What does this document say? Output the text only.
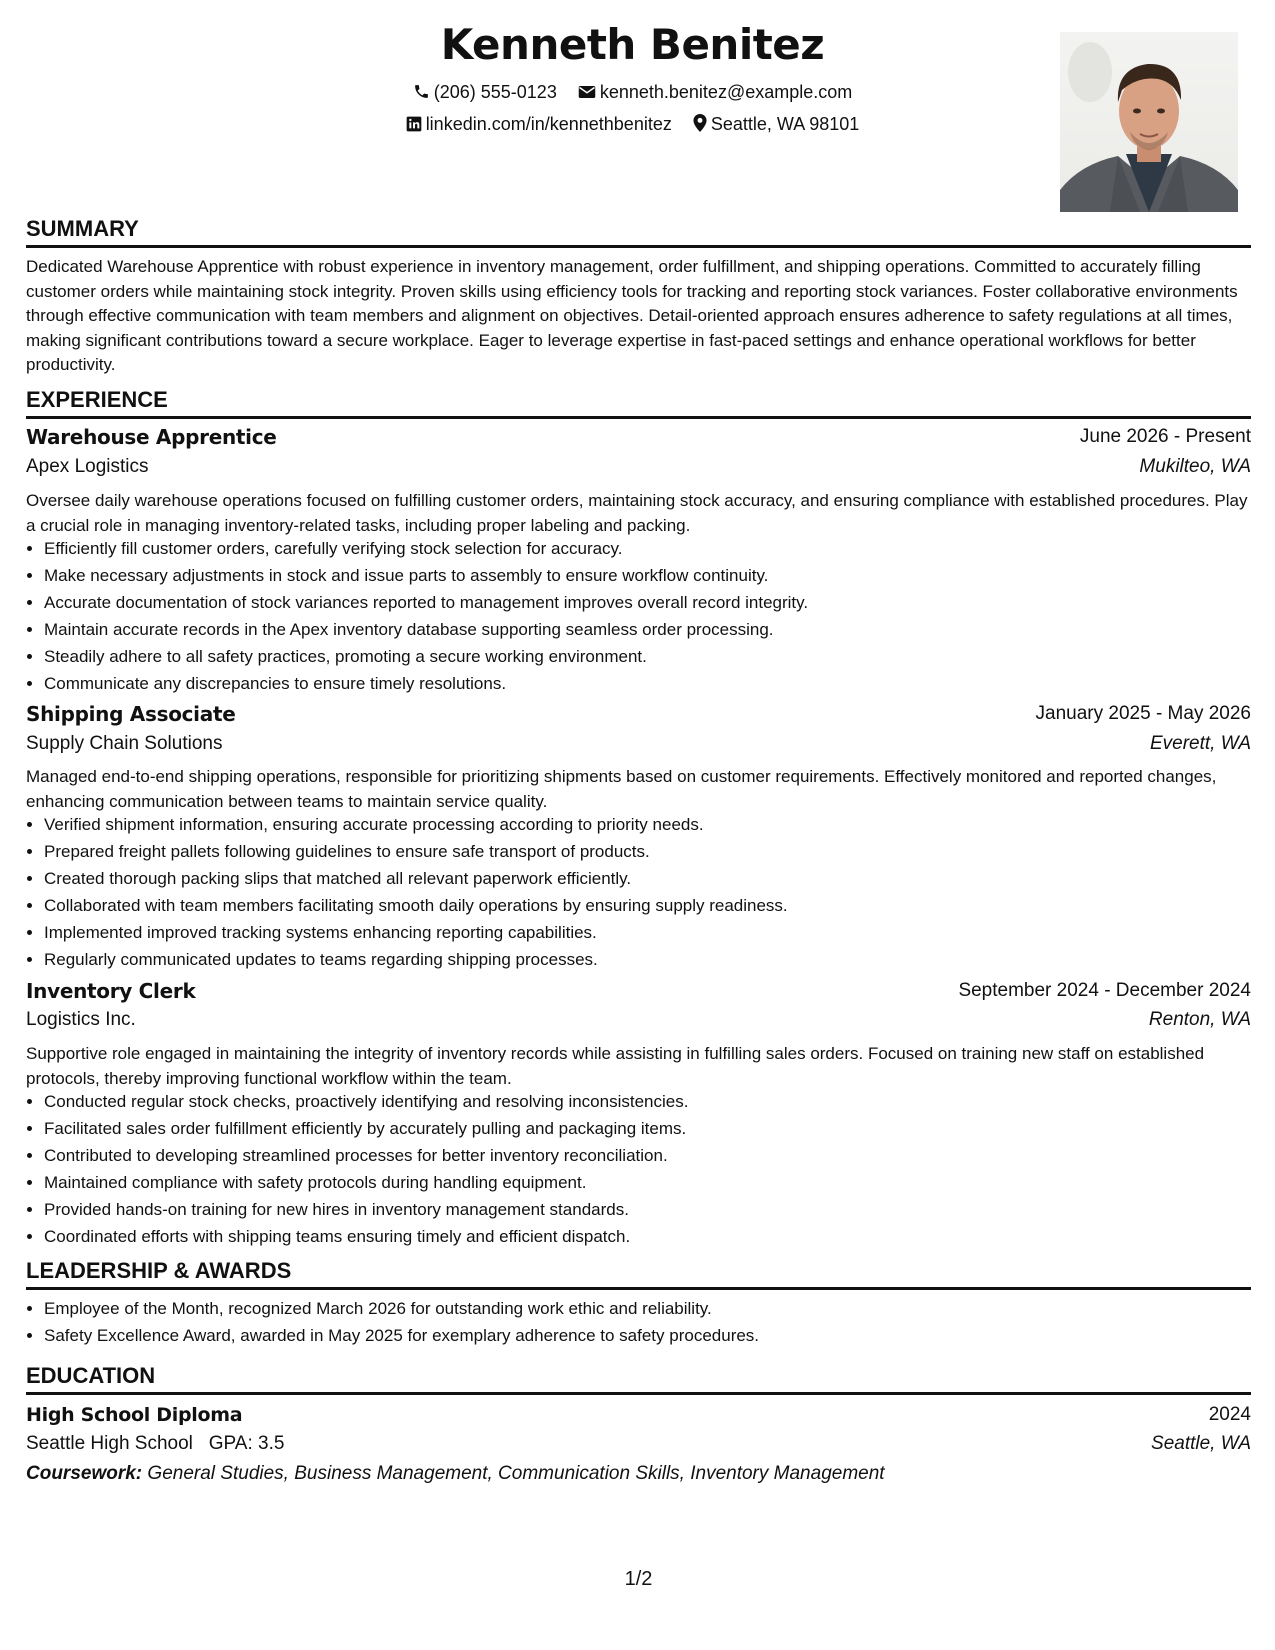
Kenneth Benitez
(206) 555-0123 kenneth.benitez@example.com
linkedin.com/in/kennethbenitez Seattle, WA 98101
SUMMARY
Dedicated Warehouse Apprentice with robust experience in inventory management, order fulfillment, and shipping operations. Committed to accurately filling customer orders while maintaining stock integrity. Proven skills using efficiency tools for tracking and reporting stock variances. Foster collaborative environments through effective communication with team members and alignment on objectives. Detail-oriented approach ensures adherence to safety regulations at all times, making significant contributions toward a secure workplace. Eager to leverage expertise in fast-paced settings and enhance operational workflows for better productivity.
EXPERIENCE
Warehouse Apprentice	June 2026 - Present
Apex Logistics	Mukilteo, WA
Oversee daily warehouse operations focused on fulfilling customer orders, maintaining stock accuracy, and ensuring compliance with established procedures. Play a crucial role in managing inventory-related tasks, including proper labeling and packing.
• Efficiently fill customer orders, carefully verifying stock selection for accuracy.
• Make necessary adjustments in stock and issue parts to assembly to ensure workflow continuity.
• Accurate documentation of stock variances reported to management improves overall record integrity.
• Maintain accurate records in the Apex inventory database supporting seamless order processing.
• Steadily adhere to all safety practices, promoting a secure working environment.
• Communicate any discrepancies to ensure timely resolutions.
Shipping Associate	January 2025 - May 2026
Supply Chain Solutions	Everett, WA
Managed end-to-end shipping operations, responsible for prioritizing shipments based on customer requirements. Effectively monitored and reported changes, enhancing communication between teams to maintain service quality.
• Verified shipment information, ensuring accurate processing according to priority needs.
• Prepared freight pallets following guidelines to ensure safe transport of products.
• Created thorough packing slips that matched all relevant paperwork efficiently.
• Collaborated with team members facilitating smooth daily operations by ensuring supply readiness.
• Implemented improved tracking systems enhancing reporting capabilities.
• Regularly communicated updates to teams regarding shipping processes.
Inventory Clerk	September 2024 - December 2024
Logistics Inc.	Renton, WA
Supportive role engaged in maintaining the integrity of inventory records while assisting in fulfilling sales orders. Focused on training new staff on established protocols, thereby improving functional workflow within the team.
• Conducted regular stock checks, proactively identifying and resolving inconsistencies.
• Facilitated sales order fulfillment efficiently by accurately pulling and packaging items.
• Contributed to developing streamlined processes for better inventory reconciliation.
• Maintained compliance with safety protocols during handling equipment.
• Provided hands-on training for new hires in inventory management standards.
• Coordinated efforts with shipping teams ensuring timely and efficient dispatch.
LEADERSHIP & AWARDS
• Employee of the Month, recognized March 2026 for outstanding work ethic and reliability.
• Safety Excellence Award, awarded in May 2025 for exemplary adherence to safety procedures.
EDUCATION
High School Diploma	2024
Seattle High School GPA: 3.5	Seattle, WA
Coursework: General Studies, Business Management, Communication Skills, Inventory Management
1/2
